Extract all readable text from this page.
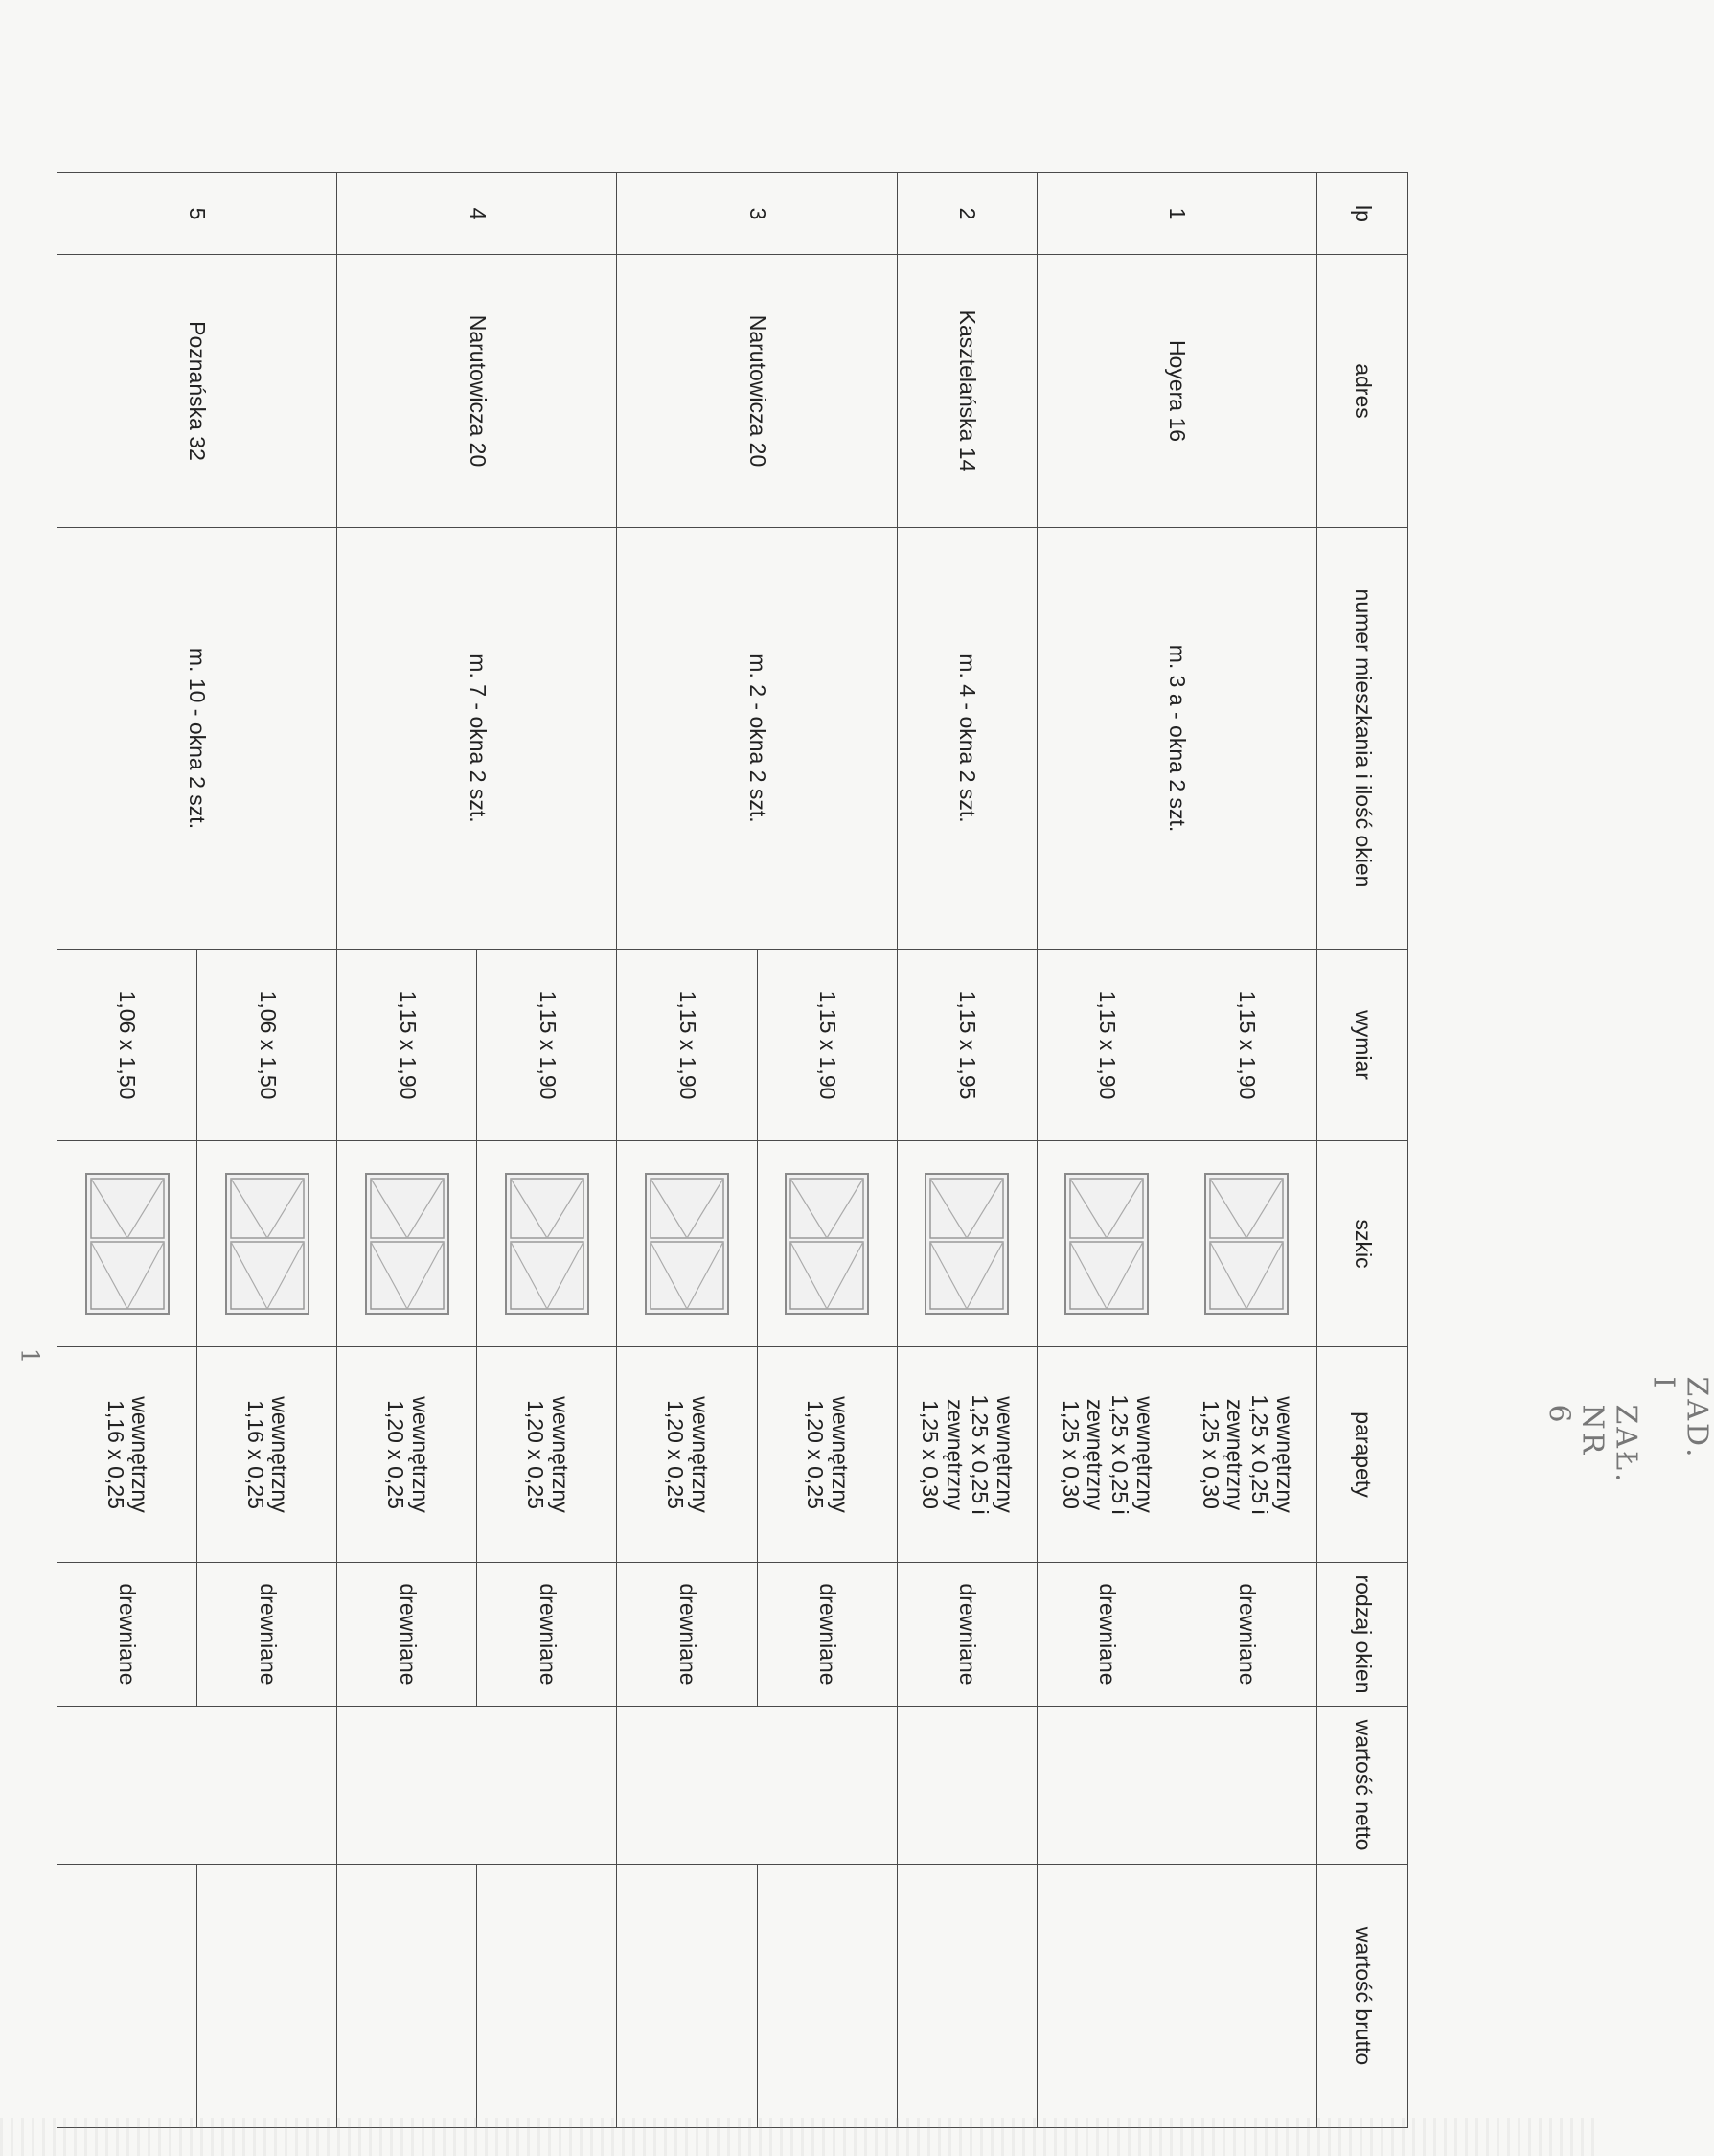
lp	adres	numer mieszkania i ilość okien	wymiar	szkic	parapety	rodzaj okien	wartość netto	wartość brutto
1	Hoyera 16	m. 3 a - okna 2 szt.	1,15 x 1,90		wewnętrzny
1,25 x 0,25 i
zewnętrzny
1,25 x 0,30	drewniane		
			1,15 x 1,90		wewnętrzny
1,25 x 0,25 i
zewnętrzny
1,25 x 0,30	drewniane		
2	Kasztelańska 14	m. 4 - okna 2 szt.	1,15 x 1,95		wewnętrzny
1,25 x 0,25 i
zewnętrzny
1,25 x 0,30	drewniane		
3	Narutowicza 20	m. 2 - okna 2 szt.	1,15 x 1,90		wewnętrzny
1,20 x 0,25	drewniane		
			1,15 x 1,90		wewnętrzny
1,20 x 0,25	drewniane		
4	Narutowicza 20	m. 7 - okna 2 szt.	1,15 x 1,90		wewnętrzny
1,20 x 0,25	drewniane		
			1,15 x 1,90		wewnętrzny
1,20 x 0,25	drewniane		
5	Poznańska 32	m. 10 - okna 2 szt.	1,06 x 1,50		wewnętrzny
1,16 x 0,25	drewniane		
			1,06 x 1,50		wewnętrzny
1,16 x 0,25	drewniane		
ZAŁ. NR 6	ZAD. I
1
